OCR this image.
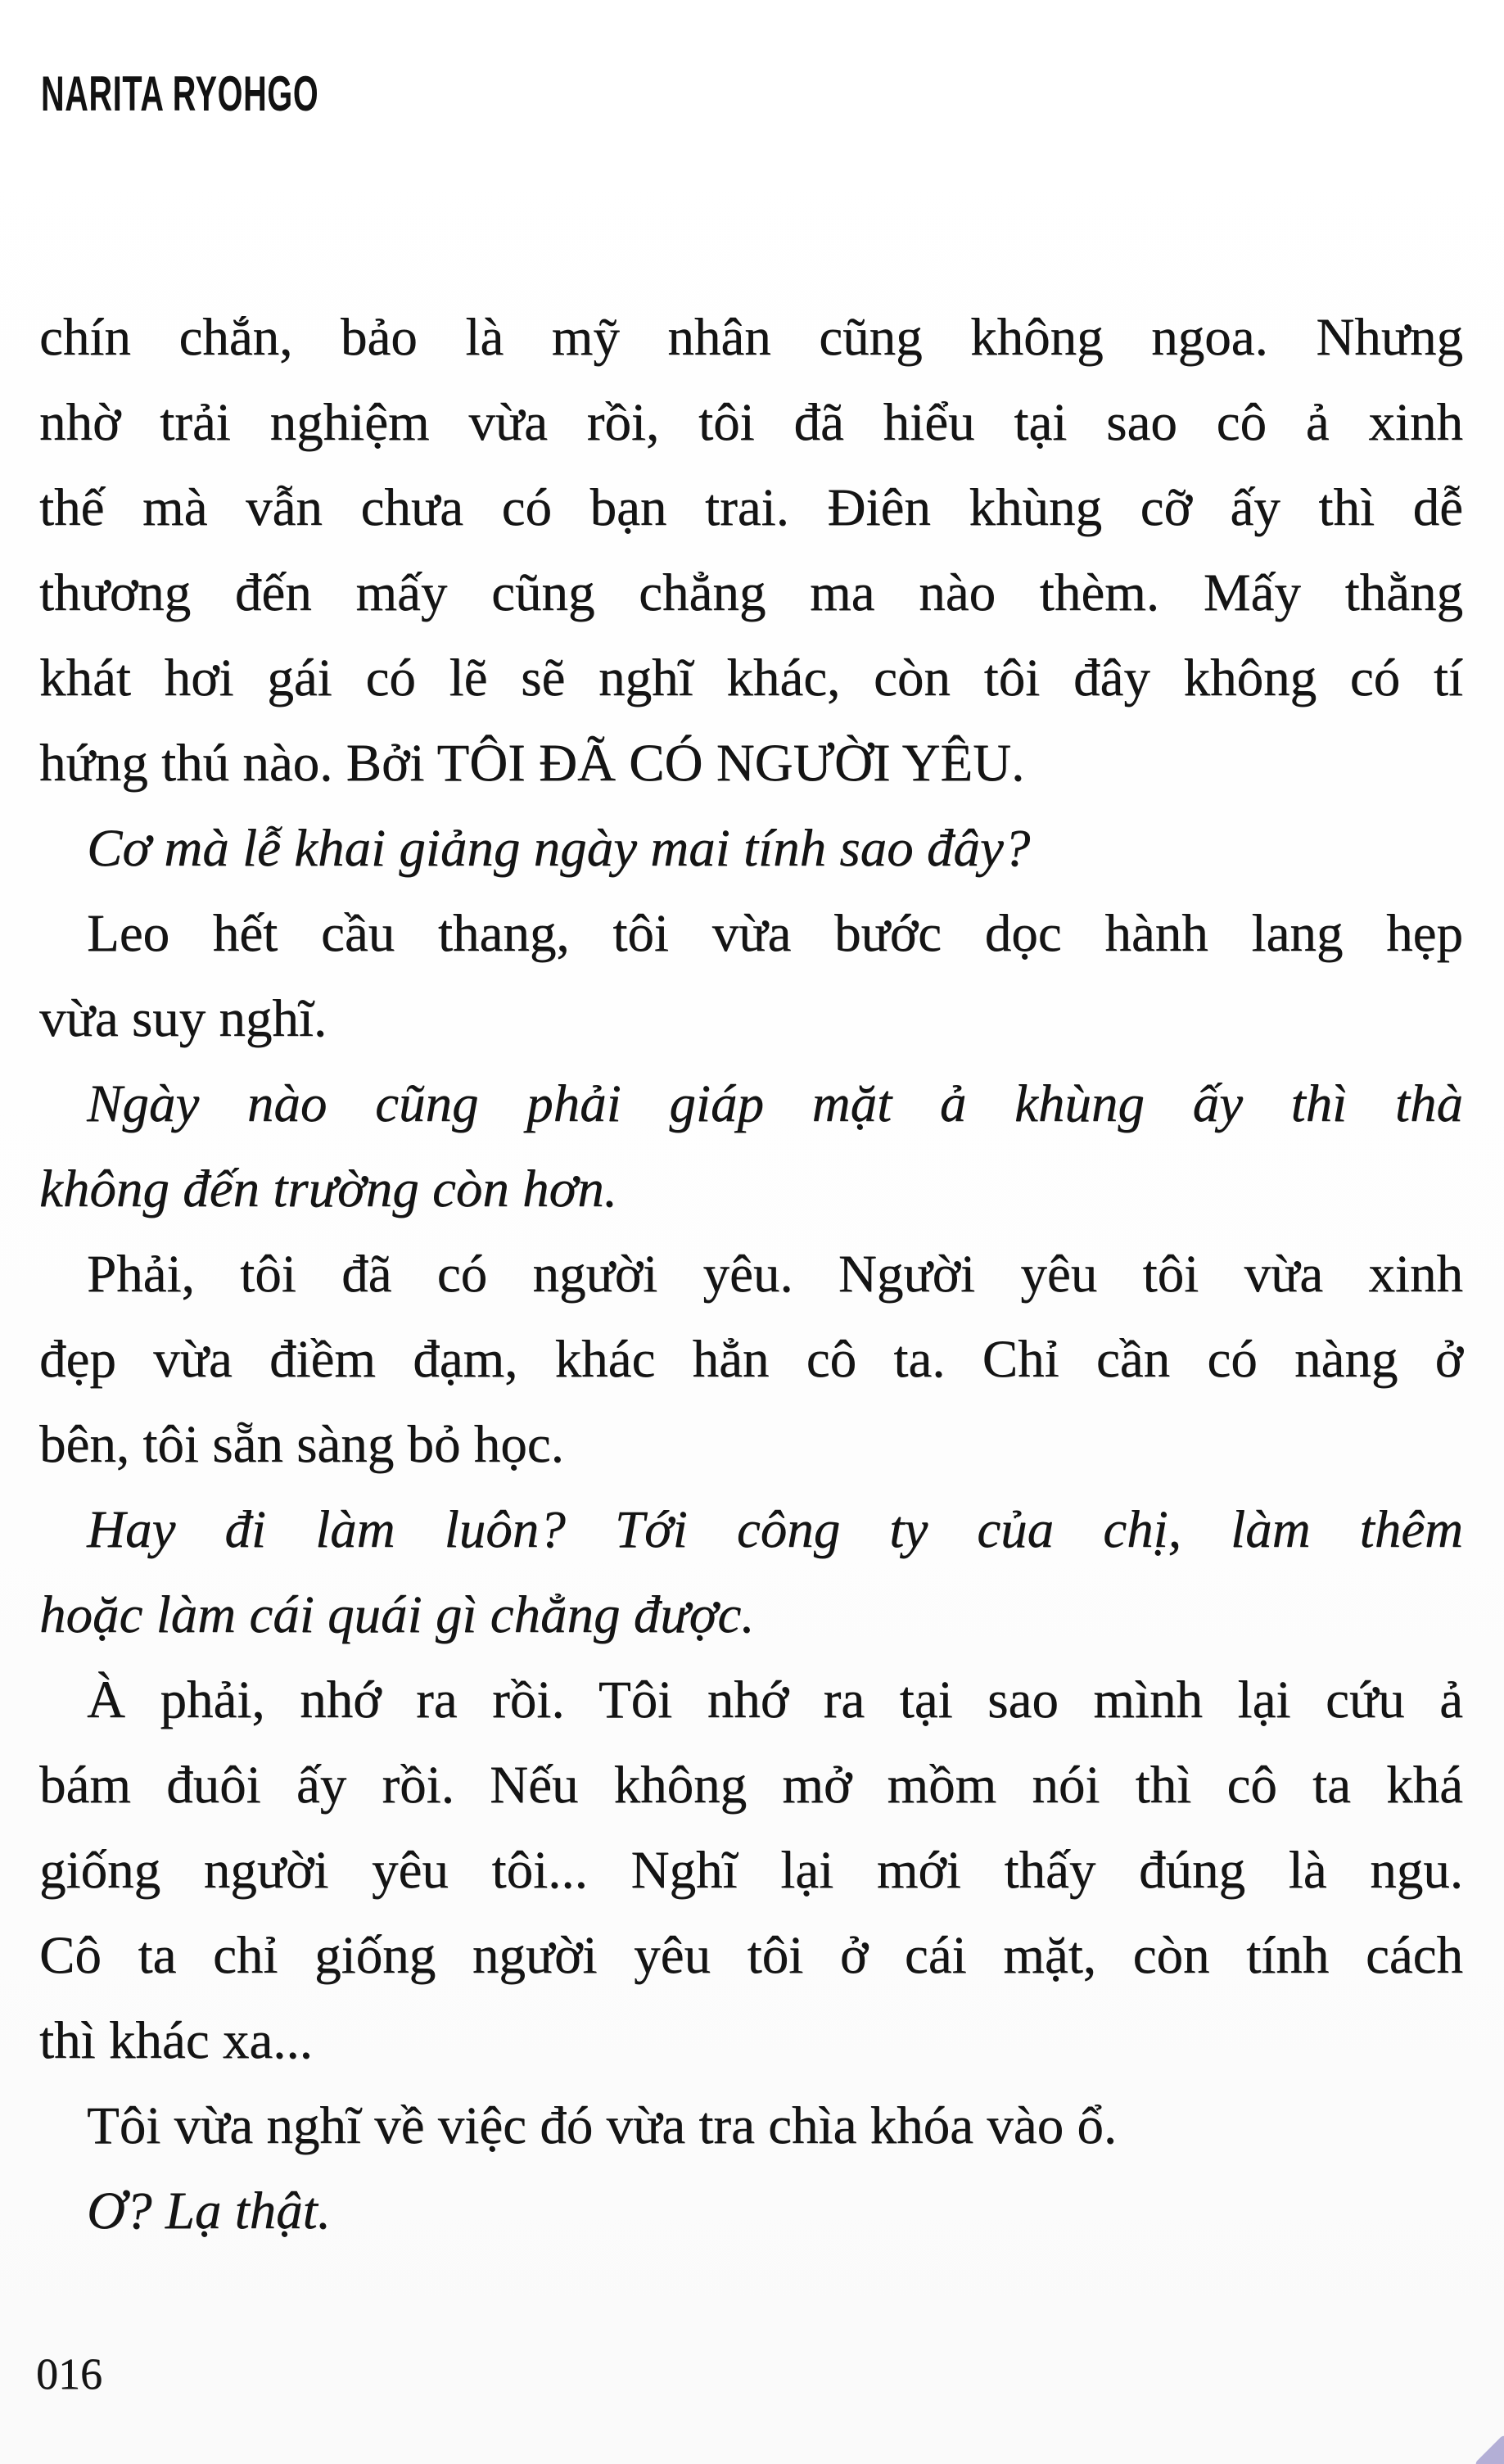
NARITA RYOHGO
chín chắn, bảo là mỹ nhân cũng không ngoa. Nhưng
nhờ trải nghiệm vừa rồi, tôi đã hiểu tại sao cô ả xinh
thế mà vẫn chưa có bạn trai. Điên khùng cỡ ấy thì dễ
thương đến mấy cũng chẳng ma nào thèm. Mấy thằng
khát hơi gái có lẽ sẽ nghĩ khác, còn tôi đây không có tí
hứng thú nào. Bởi TÔI ĐÃ CÓ NGƯỜI YÊU.
Cơ mà lễ khai giảng ngày mai tính sao đây?
Leo hết cầu thang, tôi vừa bước dọc hành lang hẹp
vừa suy nghĩ.
Ngày nào cũng phải giáp mặt ả khùng ấy thì thà
không đến trường còn hơn.
Phải, tôi đã có người yêu. Người yêu tôi vừa xinh
đẹp vừa điềm đạm, khác hẳn cô ta. Chỉ cần có nàng ở
bên, tôi sẵn sàng bỏ học.
Hay đi làm luôn? Tới công ty của chị, làm thêm
hoặc làm cái quái gì chẳng được.
À phải, nhớ ra rồi. Tôi nhớ ra tại sao mình lại cứu ả
bám đuôi ấy rồi. Nếu không mở mồm nói thì cô ta khá
giống người yêu tôi... Nghĩ lại mới thấy đúng là ngu.
Cô ta chỉ giống người yêu tôi ở cái mặt, còn tính cách
thì khác xa...
Tôi vừa nghĩ về việc đó vừa tra chìa khóa vào ổ.
Ơ? Lạ thật.
016
